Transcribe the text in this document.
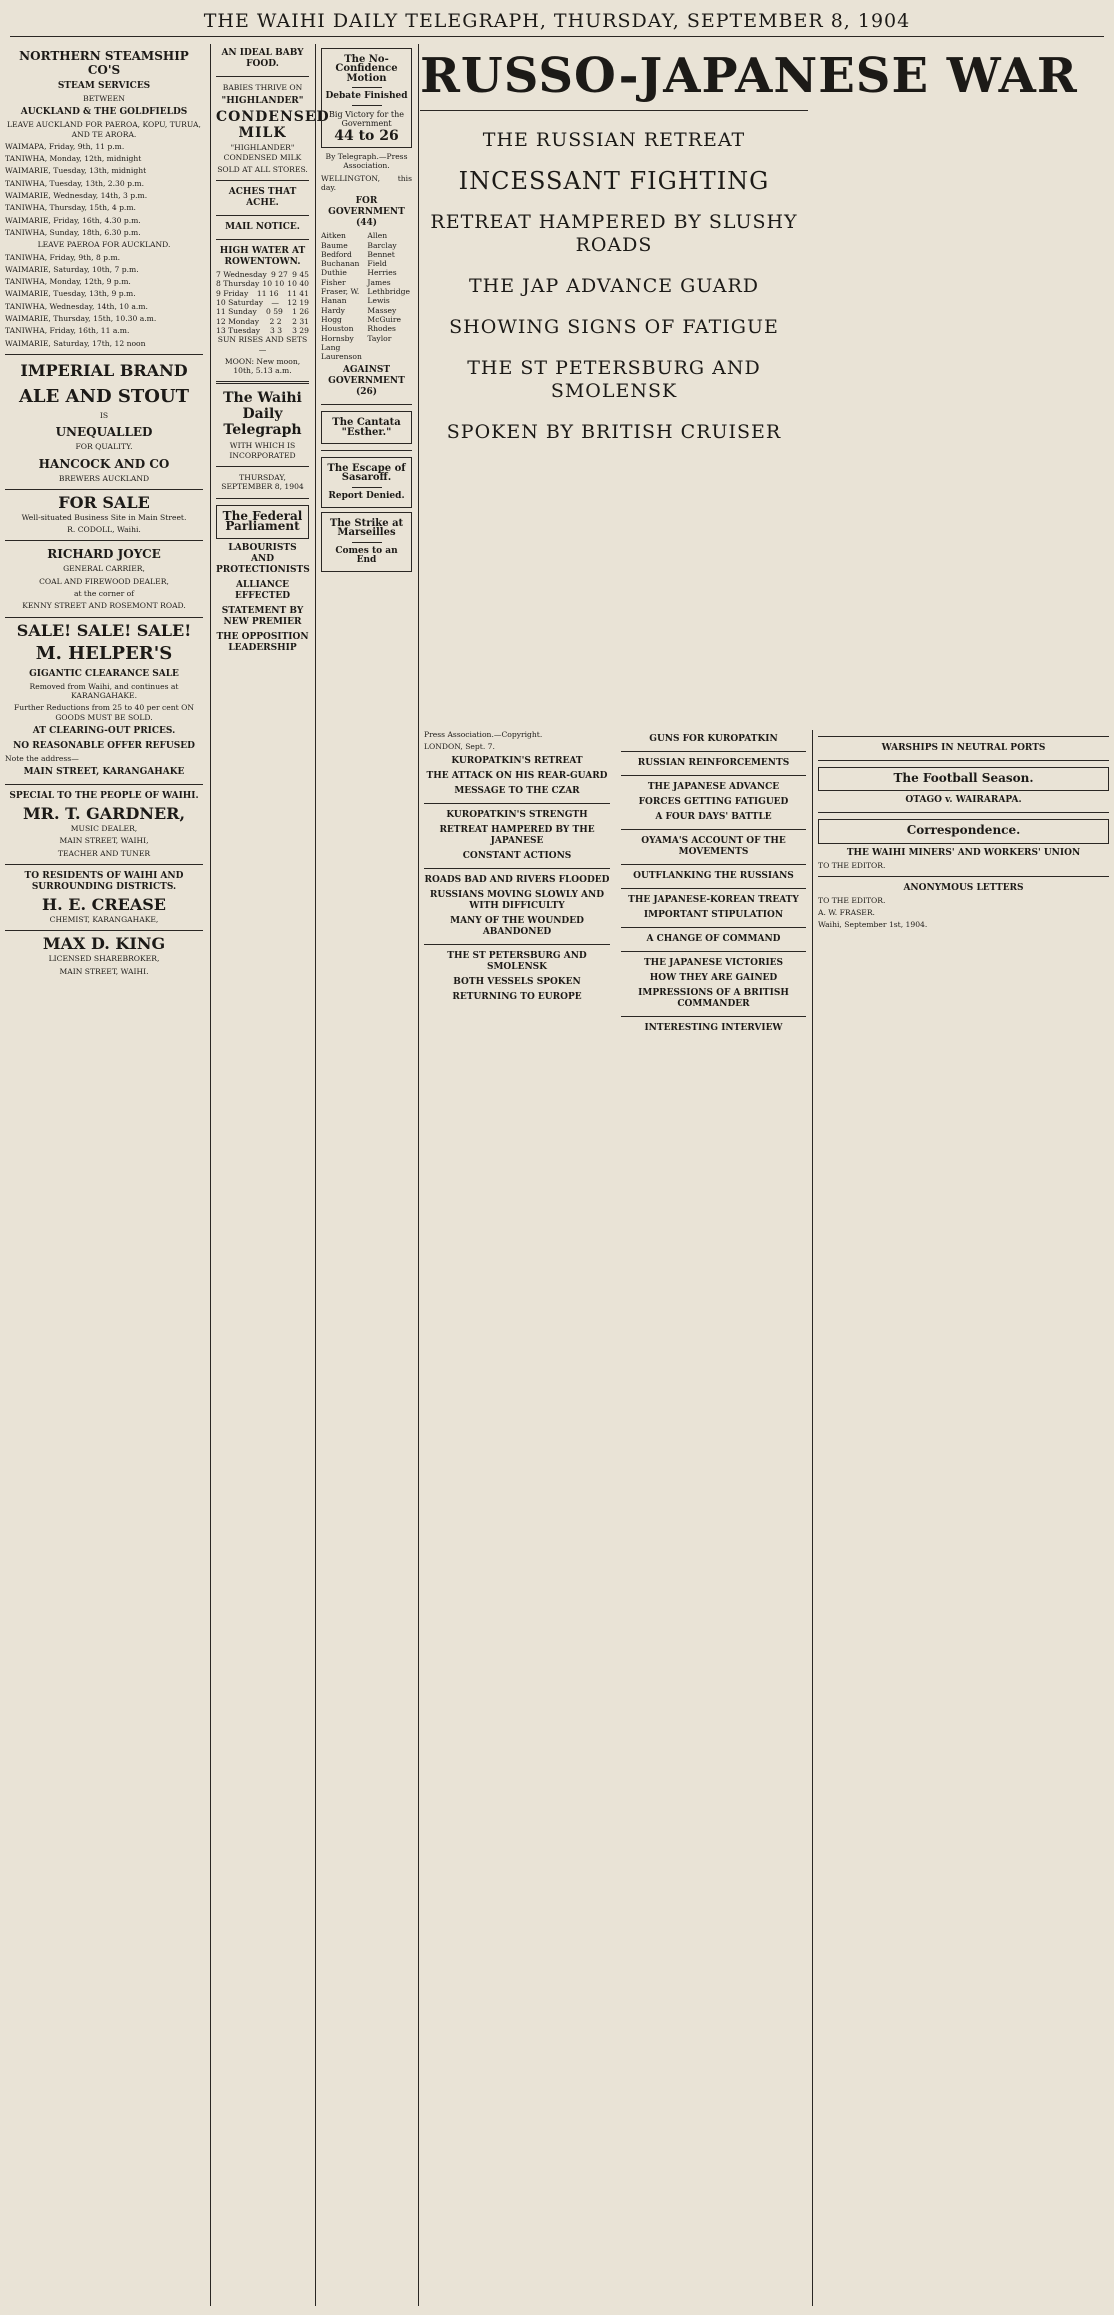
THE WAIHI DAILY TELEGRAPH, THURSDAY, SEPTEMBER 8, 1904
NORTHERN STEAMSHIP CO'S
STEAM SERVICES

BETWEEN

AUCKLAND & THE GOLDFIELDS

LEAVE AUCKLAND FOR PAEROA, KOPU, TURUA, AND TE ARORA.

WAIMAPA, Friday, 9th, 11 p.m.

TANIWHA, Monday, 12th, midnight

WAIMARIE, Tuesday, 13th, midnight

TANIWHA, Tuesday, 13th, 2.30 p.m.

WAIMARIE, Wednesday, 14th, 3 p.m.

TANIWHA, Thursday, 15th, 4 p.m.

WAIMARIE, Friday, 16th, 4.30 p.m.

TANIWHA, Sunday, 18th, 6.30 p.m.

LEAVE PAEROA FOR AUCKLAND.

TANIWHA, Friday, 9th, 8 p.m.

WAIMARIE, Saturday, 10th, 7 p.m.

TANIWHA, Monday, 12th, 9 p.m.

WAIMARIE, Tuesday, 13th, 9 p.m.

TANIWHA, Wednesday, 14th, 10 a.m.

WAIMARIE, Thursday, 15th, 10.30 a.m.

TANIWHA, Friday, 16th, 11 a.m.

WAIMARIE, Saturday, 17th, 12 noon

IMPERIAL BRAND
ALE AND STOUT

IS

UNEQUALLED

FOR QUALITY.

HANCOCK AND CO

BREWERS AUCKLAND

FOR SALE

Well-situated Business Site in Main Street.

R. CODOLL, Waihi.

RICHARD JOYCE

GENERAL CARRIER,

COAL AND FIREWOOD DEALER,

at the corner of

KENNY STREET AND ROSEMONT ROAD.

SALE! SALE! SALE!
M. HELPER'S
GIGANTIC CLEARANCE SALE

Removed from Waihi, and continues at KARANGAHAKE.

Further Reductions from 25 to 40 per cent ON GOODS MUST BE SOLD.

AT CLEARING-OUT PRICES.
NO REASONABLE OFFER REFUSED

Note the address—

MAIN STREET, KARANGAHAKE
SPECIAL TO THE PEOPLE OF WAIHI.
MR. T. GARDNER,

MUSIC DEALER,

MAIN STREET, WAIHI,

TEACHER AND TUNER

TO RESIDENTS OF WAIHI AND SURROUNDING DISTRICTS.
H. E. CREASE

CHEMIST, KARANGAHAKE,

MAX D. KING

LICENSED SHAREBROKER,

MAIN STREET, WAIHI.

AN IDEAL BABY FOOD.

BABIES THRIVE ON

"HIGHLANDER"
CONDENSED MILK

"HIGHLANDER" CONDENSED MILK

SOLD AT ALL STORES.

ACHES THAT ACHE.
MAIL NOTICE.
HIGH WATER AT ROWENTOWN.
7 Wednesday 9 27 9 45
8 Thursday 10 10 10 40
9 Friday 11 16 11 41
10 Saturday — 12 19
11 Sunday 0 59 1 26
12 Monday 2 2 2 31
13 Tuesday 3 3 3 29

SUN RISES AND SETS—

MOON: New moon, 10th, 5.13 a.m.

The Waihi Daily Telegraph

WITH WHICH IS INCORPORATED

THURSDAY, SEPTEMBER 8, 1904

The Federal Parliament
LABOURISTS AND PROTECTIONISTS
ALLIANCE EFFECTED
STATEMENT BY NEW PREMIER
THE OPPOSITION LEADERSHIP
The No-Confidence Motion
Debate Finished
Big Victory for the Government
44 to 26

By Telegraph.—Press Association.

WELLINGTON, this day.

FOR GOVERNMENT (44)
Aitken
Baume
Bedford
Buchanan
Duthie
Fisher
Fraser, W.
Hanan
Hardy
Hogg
Houston
Hornsby
Lang
Laurenson
Allen
Barclay
Bennet
Field
Herries
James
Lethbridge
Lewis
Massey
McGuire
Rhodes
Taylor
AGAINST GOVERNMENT (26)
The Cantata "Esther."
The Escape of Sasaroff.
Report Denied.
The Strike at Marseilles
Comes to an End
RUSSO-JAPANESE WAR
THE RUSSIAN RETREAT
INCESSANT FIGHTING
RETREAT HAMPERED BY SLUSHY ROADS
THE JAP ADVANCE GUARD
SHOWING SIGNS OF FATIGUE
THE ST PETERSBURG AND SMOLENSK
SPOKEN BY BRITISH CRUISER

Press Association.—Copyright.

LONDON, Sept. 7.

KUROPATKIN'S RETREAT
THE ATTACK ON HIS REAR-GUARD
MESSAGE TO THE CZAR
KUROPATKIN'S STRENGTH
RETREAT HAMPERED BY THE JAPANESE
CONSTANT ACTIONS
ROADS BAD AND RIVERS FLOODED
RUSSIANS MOVING SLOWLY AND WITH DIFFICULTY
MANY OF THE WOUNDED ABANDONED
THE ST PETERSBURG AND SMOLENSK
BOTH VESSELS SPOKEN
RETURNING TO EUROPE
GUNS FOR KUROPATKIN
RUSSIAN REINFORCEMENTS
THE JAPANESE ADVANCE
FORCES GETTING FATIGUED
A FOUR DAYS' BATTLE
OYAMA'S ACCOUNT OF THE MOVEMENTS
OUTFLANKING THE RUSSIANS
THE JAPANESE-KOREAN TREATY
IMPORTANT STIPULATION
A CHANGE OF COMMAND
THE JAPANESE VICTORIES
HOW THEY ARE GAINED
IMPRESSIONS OF A BRITISH COMMANDER
INTERESTING INTERVIEW
WARSHIPS IN NEUTRAL PORTS
The Football Season.
OTAGO v. WAIRARAPA.
Correspondence.
THE WAIHI MINERS' AND WORKERS' UNION

TO THE EDITOR.

ANONYMOUS LETTERS

TO THE EDITOR.

A. W. FRASER.

Waihi, September 1st, 1904.
